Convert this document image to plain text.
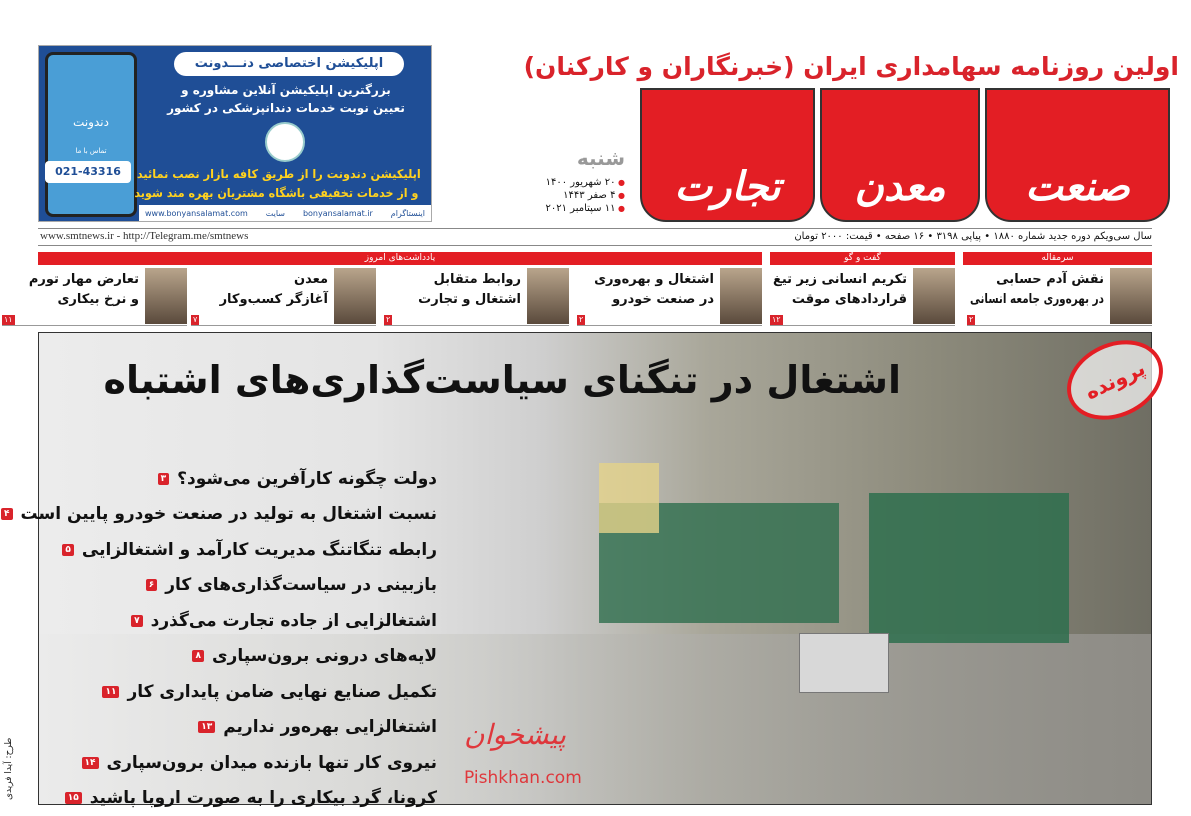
دندونت
تماس با ما
021-43316
اپلیکیشن اختصاصی دنـــدونت
بزرگترین اپلیکیشن آنلاین مشاوره و
تعیین نوبت خدمات دندانپزشکی در کشور
اپلیکیشن دندونت را از طریق کافه بازار نصب نمائید
و از خدمات تخفیفی باشگاه مشتریان بهره مند شوید
www.bonyansalamat.com سایت bonyansalamat.ir اینستاگرام
اولین روزنامه سهامداری ایران (خبرنگاران و کارکنان)
صنعت
معدن
تجارت
شنبه
● ۲۰ شهریور ۱۴۰۰
● ۴ صفر ۱۴۴۳
● ۱۱ سپتامبر ۲۰۲۱
سال سی‌ویکم دوره جدید شماره ۱۸۸۰ • پیاپی ۳۱۹۸ • ۱۶ صفحه • قیمت: ۲۰۰۰ تومان
www.smtnews.ir - http://Telegram.me/smtnews
سرمقاله
گفت و گو
یادداشت‌های امروز
نقش آدم حسابی
در بهره‌وری جامعه انسانی
۲
تکریم انسانی زیر تیغ
قراردادهای موقت
۱۲
اشتغال و بهره‌وری
در صنعت خودرو
۲
روابط متقابل
اشتغال و تجارت
۲
معدن
آغازگر کسب‌وکار
۷
تعارض مهار تورم
و نرخ بیکاری
۱۱
اشتغال در تنگنای سیاست‌گذاری‌های اشتباه	پرونده
دولت چگونه کارآفرین می‌شود؟
۳
نسبت اشتغال به تولید در صنعت خودرو پایین است
۴
رابطه تنگاتنگ مدیریت کارآمد و اشتغالزایی
۵
بازبینی در سیاست‌گذاری‌های کار
۶
اشتغالزایی از جاده تجارت می‌گذرد
۷
لایه‌های درونی برون‌سپاری
۸
تکمیل صنایع نهایی ضامن پایداری کار
۱۱
اشتغالزایی بهره‌ور نداریم
۱۳
نیروی کار تنها بازنده میدان برون‌سپاری
۱۴
کرونا، گرد بیکاری را به صورت اروپا پاشید
۱۵
پیشخوان
Pishkhan.com
طرح: آیدا فریدی
